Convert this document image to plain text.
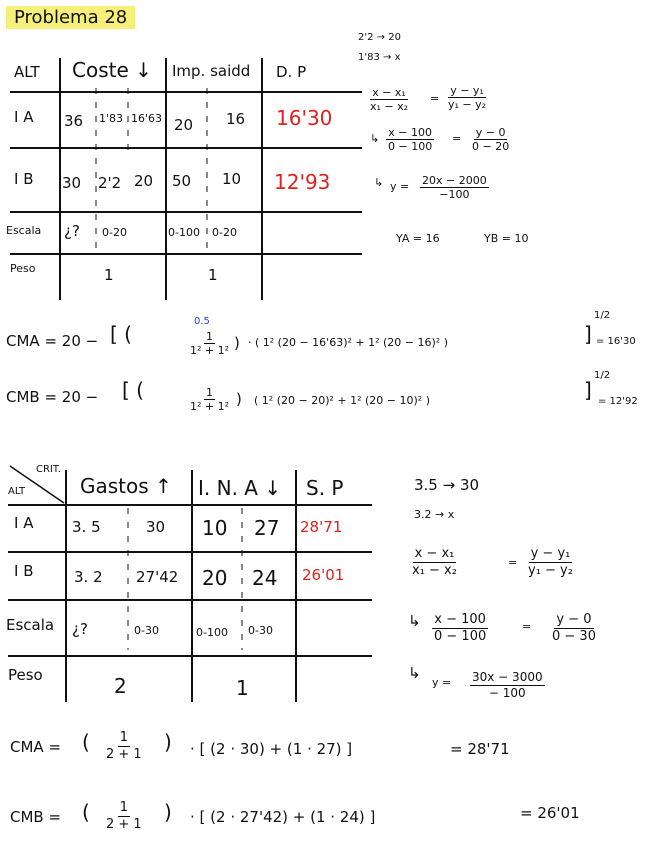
Problema 28
ALT Coste ↓ Imp. saidd D. P
I A 36 1'83 16'63 20 16 16'30
I B 30 2'2 20 50 10 12'93
Escala ¿? 0-20	0-100 0-20
Peso	1	1
2'2 → 20
1'83 → x
$\frac{\text{x − x₁}}{\text{x₁ − x₂}} = \frac{\text{y − y₁}}{\text{y₁ − y₂}}$
↳ $\frac{x - 100}{0 - 100} = \frac{y - 0}{0 - 20}$
↳ $y = \frac{20x - 2000}{-100}$
YA = 16	YB = 10
CMA = 20 − [ (
0.5
$\frac{1}{\text{1² + 1²}}$ ) · ( 1² (20 − 16'63)² + 1² (20 − 16)² )	]
1/2
= 16'30
CMB = 20 − [ (	$\frac{1}{\text{1² + 1²}}$ ) ( 1² (20 − 20)² + 1² (20 − 10)² )	]
1/2
= 12'92
CRIT.
ALT	Gastos ↑ I. N. A ↓ S. P
I A	3. 5	30 10 27 28'71
I B	3. 2 27'42 20 24 26'01
Escala ¿?	0-30	0-100 0-30
Peso	2	1
3.5 → 30
3.2 → x
$\frac{\text{x − x₁}}{\text{x₁ − x₂}}$	= $\frac{\text{y − y₁}}{\text{y₁ − y₂}}$
↳ $\frac{x - 100}{0 - 100}$	= $\frac{y - 0}{0 - 30}$
↳
$y = \frac{30x - 3000}{- 100}$
CMA = ( $\frac{1}{2 + 1}$ ) · [ (2 · 30) + (1 · 27) ]	= 28'71
CMB = ( $\frac{1}{2 + 1}$ ) · [ (2 · 27'42) + (1 · 24) ]	= 26'01
